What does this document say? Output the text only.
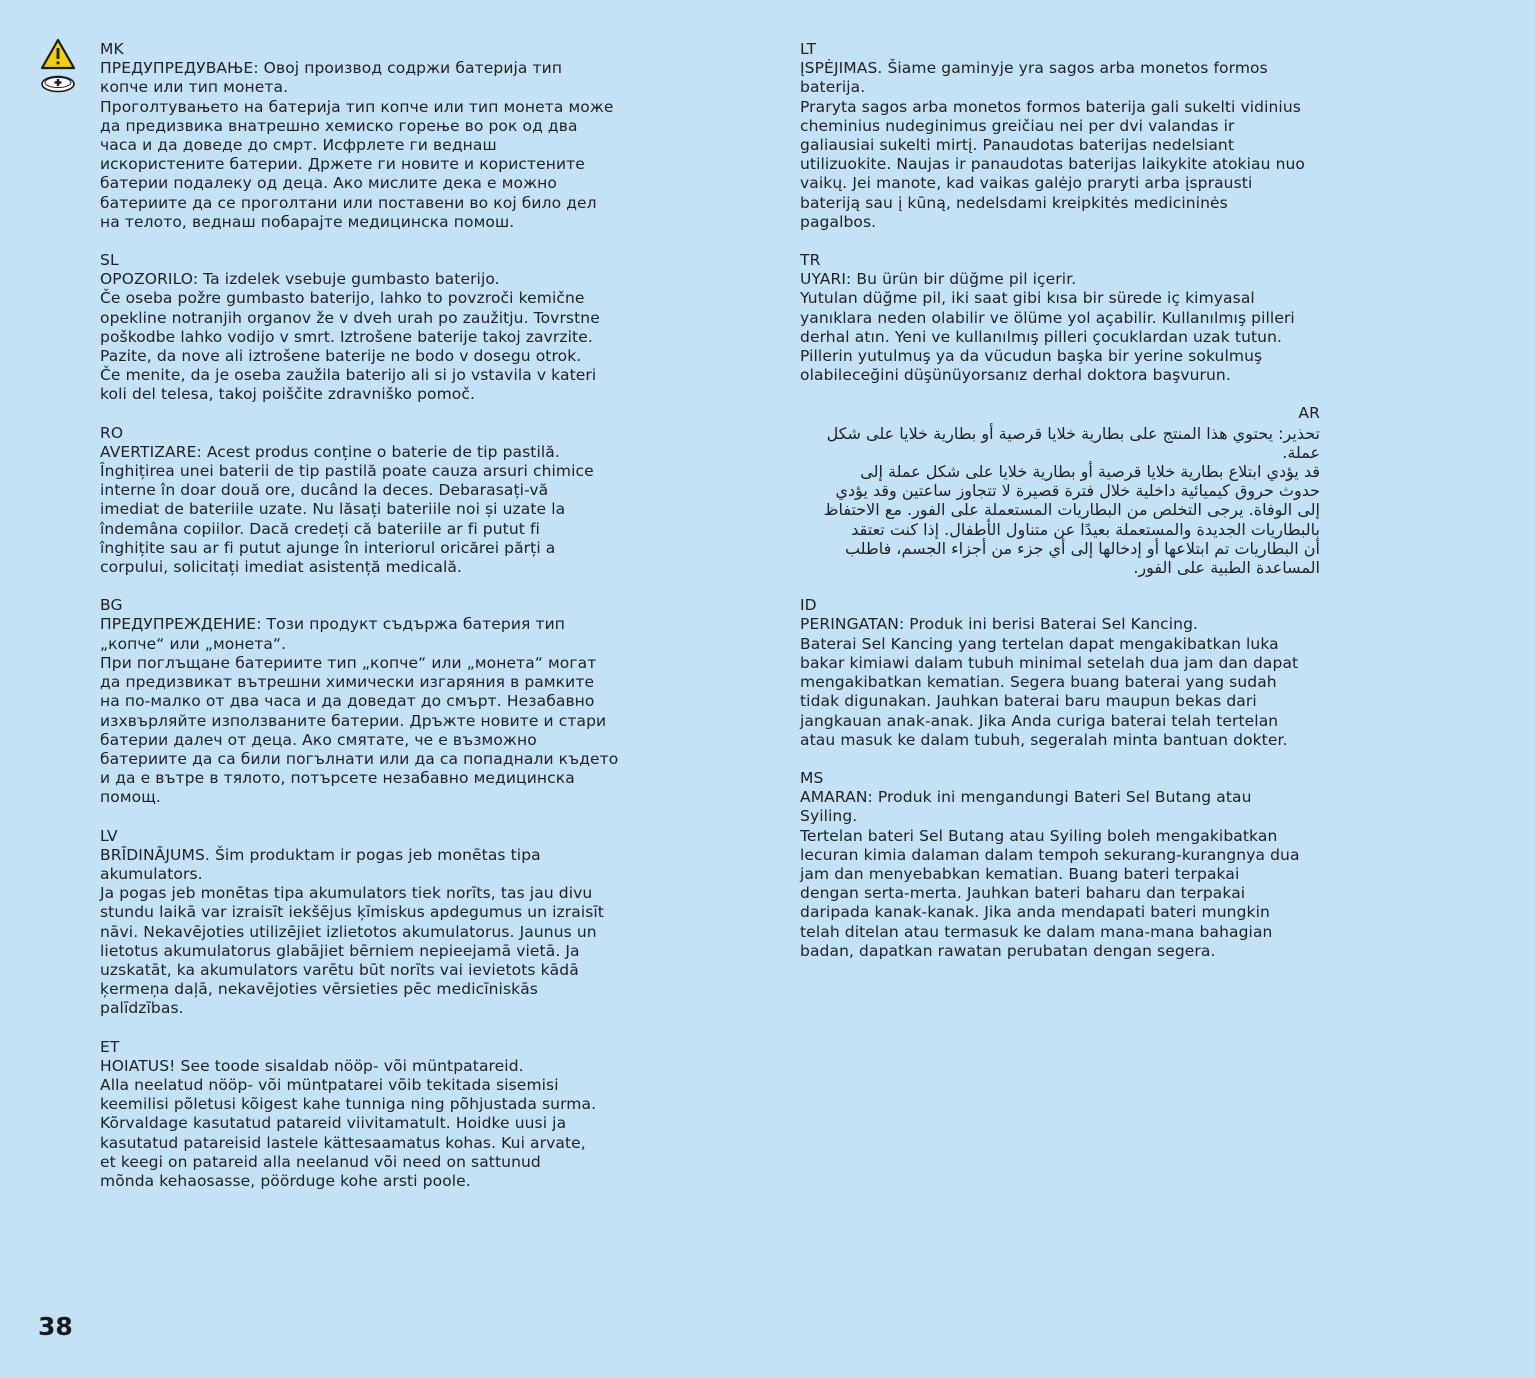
MK
ПРЕДУПРЕДУВАЊЕ: Овој производ содржи батерија тип
копче или тип монета.
Проголтувањето на батерија тип копче или тип монета може
да предизвика внатрешно хемиско горење во рок од два
часа и да доведе до смрт. Исфрлете ги веднаш
искористените батерии. Држете ги новите и користените
батерии подалеку од деца. Ако мислите дека е можно
батериите да се проголтани или поставени во кој било дел
на телото, веднаш побарајте медицинска помош.
SL
OPOZORILO: Ta izdelek vsebuje gumbasto baterijo.
Če oseba požre gumbasto baterijo, lahko to povzroči kemične
opekline notranjih organov že v dveh urah po zaužitju. Tovrstne
poškodbe lahko vodijo v smrt. Iztrošene baterije takoj zavrzite.
Pazite, da nove ali iztrošene baterije ne bodo v dosegu otrok.
Če menite, da je oseba zaužila baterijo ali si jo vstavila v kateri
koli del telesa, takoj poiščite zdravniško pomoč.
RO
AVERTIZARE: Acest produs conține o baterie de tip pastilă.
Înghițirea unei baterii de tip pastilă poate cauza arsuri chimice
interne în doar două ore, ducând la deces. Debarasați-vă
imediat de bateriile uzate. Nu lăsați bateriile noi și uzate la
îndemâna copiilor. Dacă credeți că bateriile ar fi putut fi
înghițite sau ar fi putut ajunge în interiorul oricărei părți a
corpului, solicitați imediat asistență medicală.
BG
ПРЕДУПРЕЖДЕНИЕ: Този продукт съдържа батерия тип
„копче“ или „монета“.
При поглъщане батериите тип „копче“ или „монета“ могат
да предизвикат вътрешни химически изгаряния в рамките
на по-малко от два часа и да доведат до смърт. Незабавно
изхвърляйте използваните батерии. Дръжте новите и стари
батерии далеч от деца. Ако смятате, че е възможно
батериите да са били погълнати или да са попаднали където
и да е вътре в тялото, потърсете незабавно медицинска
помощ.
LV
BRĪDINĀJUMS. Šim produktam ir pogas jeb monētas tipa
akumulators.
Ja pogas jeb monētas tipa akumulators tiek norīts, tas jau divu
stundu laikā var izraisīt iekšējus ķīmiskus apdegumus un izraisīt
nāvi. Nekavējoties utilizējiet izlietotos akumulatorus. Jaunus un
lietotus akumulatorus glabājiet bērniem nepieejamā vietā. Ja
uzskatāt, ka akumulators varētu būt norīts vai ievietots kādā
ķermeņa daļā, nekavējoties vērsieties pēc medicīniskās
palīdzības.
ET
HOIATUS! See toode sisaldab nööp- või müntpatareid.
Alla neelatud nööp- või müntpatarei võib tekitada sisemisi
keemilisi põletusi kõigest kahe tunniga ning põhjustada surma.
Kõrvaldage kasutatud patareid viivitamatult. Hoidke uusi ja
kasutatud patareisid lastele kättesaamatus kohas. Kui arvate,
et keegi on patareid alla neelanud või need on sattunud
mõnda kehaosasse, pöörduge kohe arsti poole.
LT
ĮSPĖJIMAS. Šiame gaminyje yra sagos arba monetos formos
baterija.
Praryta sagos arba monetos formos baterija gali sukelti vidinius
cheminius nudeginimus greičiau nei per dvi valandas ir
galiausiai sukelti mirtį. Panaudotas baterijas nedelsiant
utilizuokite. Naujas ir panaudotas baterijas laikykite atokiau nuo
vaikų. Jei manote, kad vaikas galėjo praryti arba įsprausti
bateriją sau į kūną, nedelsdami kreipkitės medicininės
pagalbos.
TR
UYARI: Bu ürün bir düğme pil içerir.
Yutulan düğme pil, iki saat gibi kısa bir sürede iç kimyasal
yanıklara neden olabilir ve ölüme yol açabilir. Kullanılmış pilleri
derhal atın. Yeni ve kullanılmış pilleri çocuklardan uzak tutun.
Pillerin yutulmuş ya da vücudun başka bir yerine sokulmuş
olabileceğini düşünüyorsanız derhal doktora başvurun.
AR
تحذير: يحتوي هذا المنتج على بطارية خلايا قرصية أو بطارية خلايا على شكل
عملة.
قد يؤدي ابتلاع بطارية خلايا قرصية أو بطارية خلايا على شكل عملة إلى
حدوث حروق كيميائية داخلية خلال فترة قصيرة لا تتجاوز ساعتين وقد يؤدي
إلى الوفاة. يرجى التخلص من البطاريات المستعملة على الفور. مع الاحتفاظ
بالبطاريات الجديدة والمستعملة بعيدًا عن متناول الأطفال. إذا كنت تعتقد
أن البطاريات تم ابتلاعها أو إدخالها إلى أي جزء من أجزاء الجسم، فاطلب
المساعدة الطبية على الفور.
ID
PERINGATAN: Produk ini berisi Baterai Sel Kancing.
Baterai Sel Kancing yang tertelan dapat mengakibatkan luka
bakar kimiawi dalam tubuh minimal setelah dua jam dan dapat
mengakibatkan kematian. Segera buang baterai yang sudah
tidak digunakan. Jauhkan baterai baru maupun bekas dari
jangkauan anak-anak. Jika Anda curiga baterai telah tertelan
atau masuk ke dalam tubuh, segeralah minta bantuan dokter.
MS
AMARAN: Produk ini mengandungi Bateri Sel Butang atau
Syiling.
Tertelan bateri Sel Butang atau Syiling boleh mengakibatkan
lecuran kimia dalaman dalam tempoh sekurang-kurangnya dua
jam dan menyebabkan kematian. Buang bateri terpakai
dengan serta-merta. Jauhkan bateri baharu dan terpakai
daripada kanak-kanak. Jika anda mendapati bateri mungkin
telah ditelan atau termasuk ke dalam mana-mana bahagian
badan, dapatkan rawatan perubatan dengan segera.
38
